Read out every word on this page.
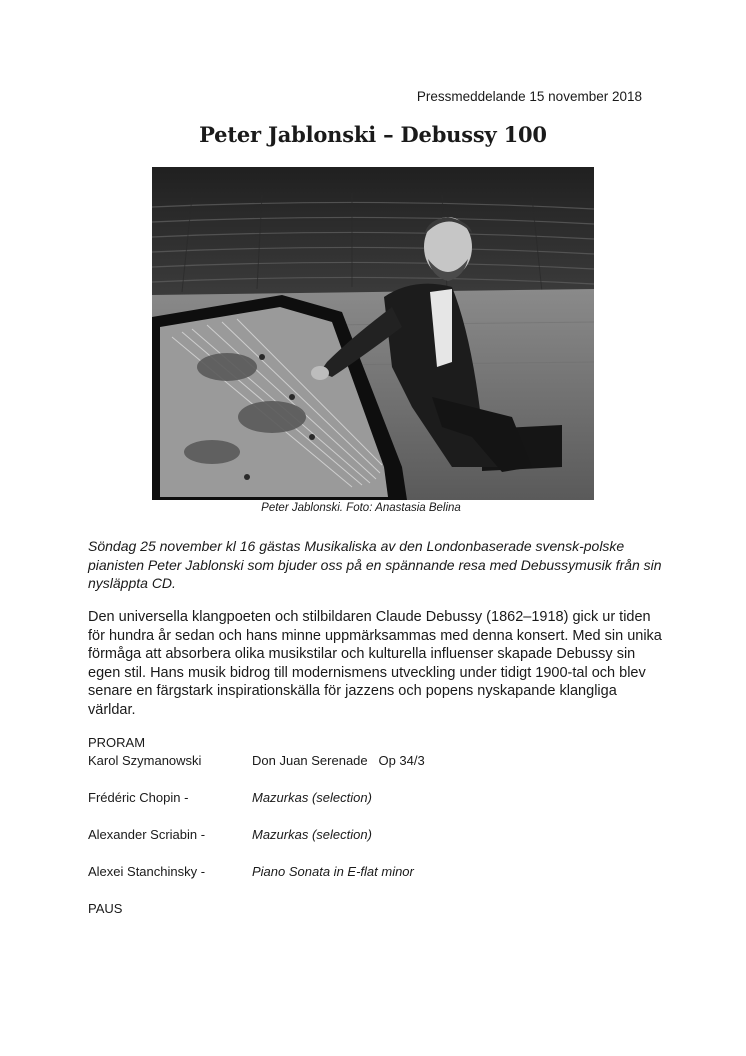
Pressmeddelande 15 november 2018
Peter Jablonski – Debussy 100
Peter Jablonski. Foto: Anastasia Belina

Söndag 25 november kl 16 gästas Musikaliska av den Londonbaserade svensk-polske pianisten Peter Jablonski som bjuder oss på en spännande resa med Debussymusik från sin nysläppta CD.

Den universella klangpoeten och stilbildaren Claude Debussy (1862–1918) gick ur tiden för hundra år sedan och hans minne uppmärksammas med denna konsert. Med sin unika förmåga att absorbera olika musikstilar och kulturella influenser skapade Debussy sin egen stil. Hans musik bidrog till modernismens utveckling under tidigt 1900-tal och blev senare en färgstark inspirationskälla för jazzens och popens nyskapande klangliga världar.

PRORAM
Karol Szymanowski	Don Juan Serenade   Op 34/3
Frédéric Chopin -	Mazurkas (selection)
Alexander Scriabin -	Mazurkas (selection)
Alexei Stanchinsky -	Piano Sonata in E-flat minor
PAUS
